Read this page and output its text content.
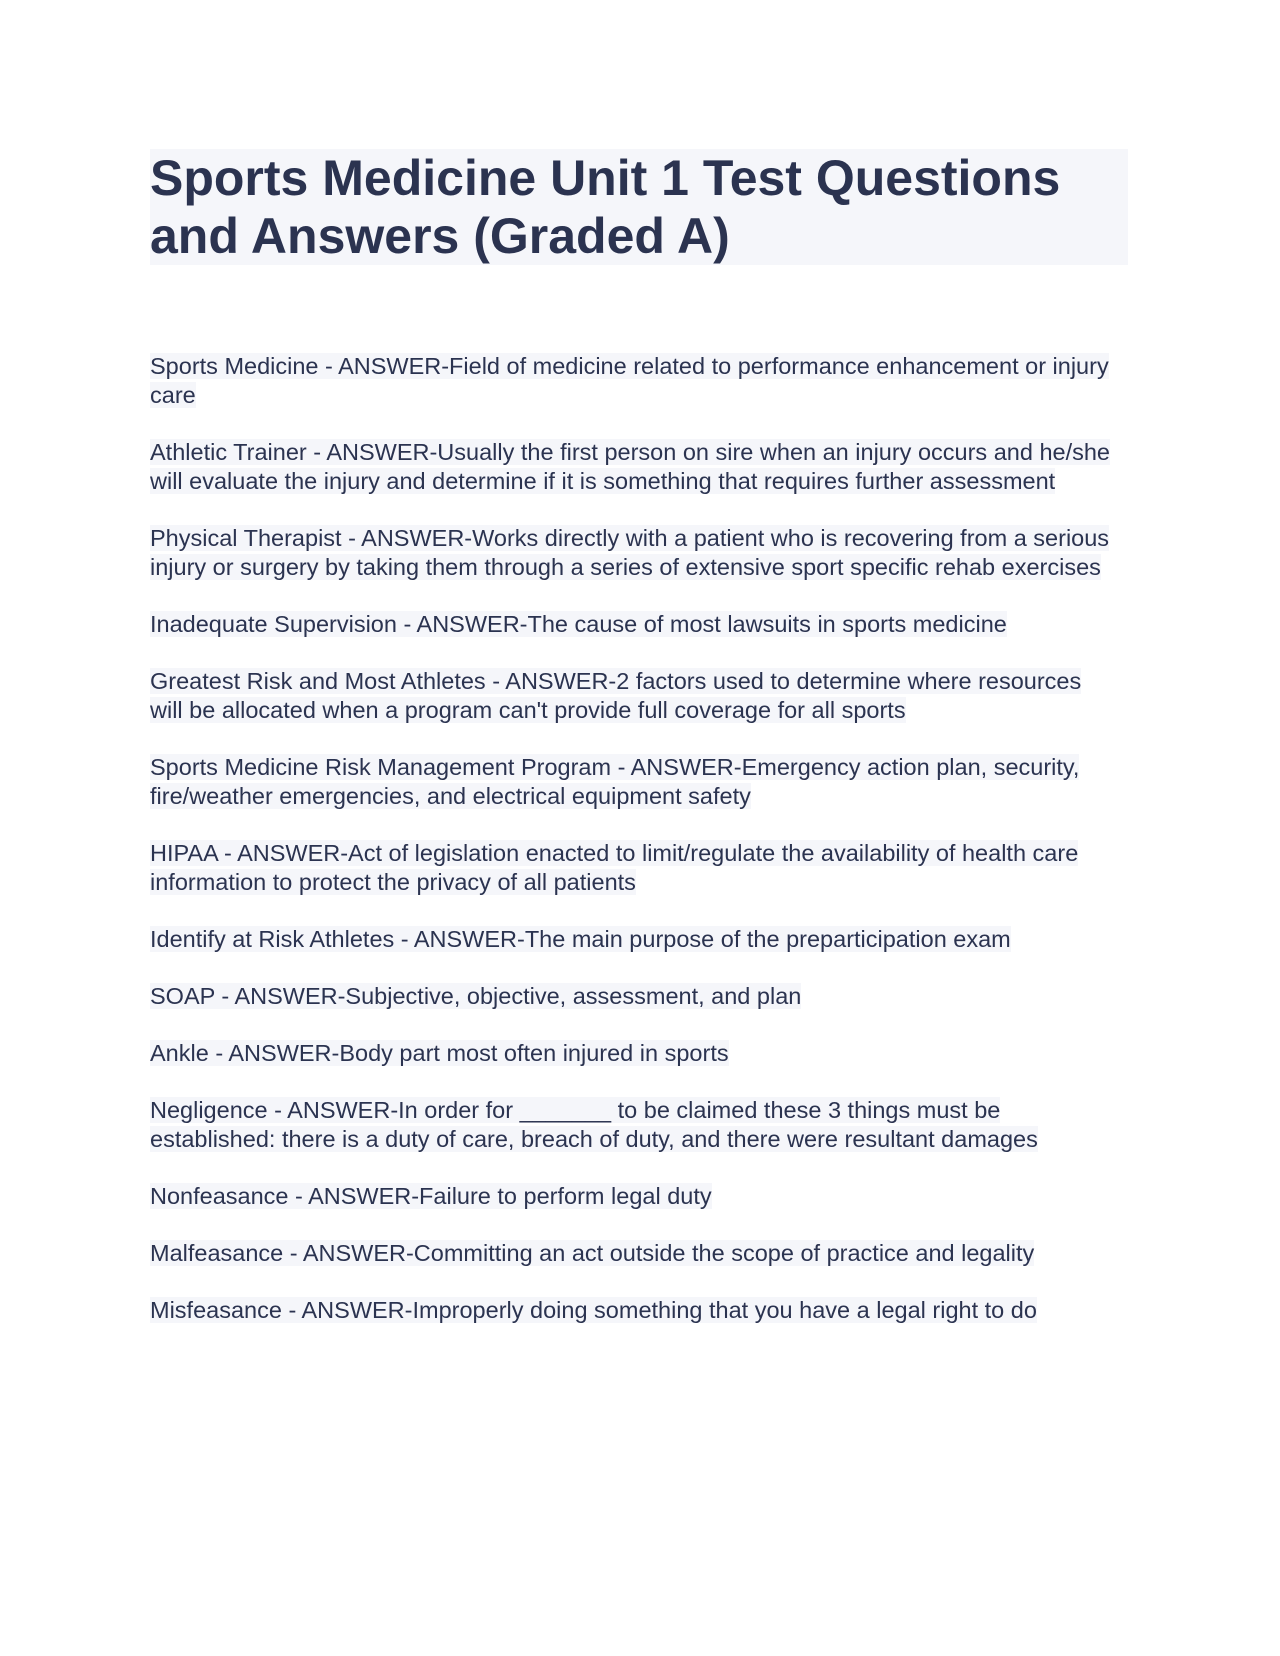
Sports Medicine Unit 1 Test Questions and Answers (Graded A)

Sports Medicine - ANSWER-Field of medicine related to performance enhancement or injury care

Athletic Trainer - ANSWER-Usually the first person on sire when an injury occurs and he/she will evaluate the injury and determine if it is something that requires further assessment

Physical Therapist - ANSWER-Works directly with a patient who is recovering from a serious injury or surgery by taking them through a series of extensive sport specific rehab exercises

Inadequate Supervision - ANSWER-The cause of most lawsuits in sports medicine

Greatest Risk and Most Athletes - ANSWER-2 factors used to determine where resources will be allocated when a program can't provide full coverage for all sports

Sports Medicine Risk Management Program - ANSWER-Emergency action plan, security, fire/weather emergencies, and electrical equipment safety

HIPAA - ANSWER-Act of legislation enacted to limit/regulate the availability of health care information to protect the privacy of all patients

Identify at Risk Athletes - ANSWER-The main purpose of the preparticipation exam

SOAP - ANSWER-Subjective, objective, assessment, and plan

Ankle - ANSWER-Body part most often injured in sports

Negligence - ANSWER-In order for _______ to be claimed these 3 things must be established: there is a duty of care, breach of duty, and there were resultant damages

Nonfeasance - ANSWER-Failure to perform legal duty

Malfeasance - ANSWER-Committing an act outside the scope of practice and legality

Misfeasance - ANSWER-Improperly doing something that you have a legal right to do
